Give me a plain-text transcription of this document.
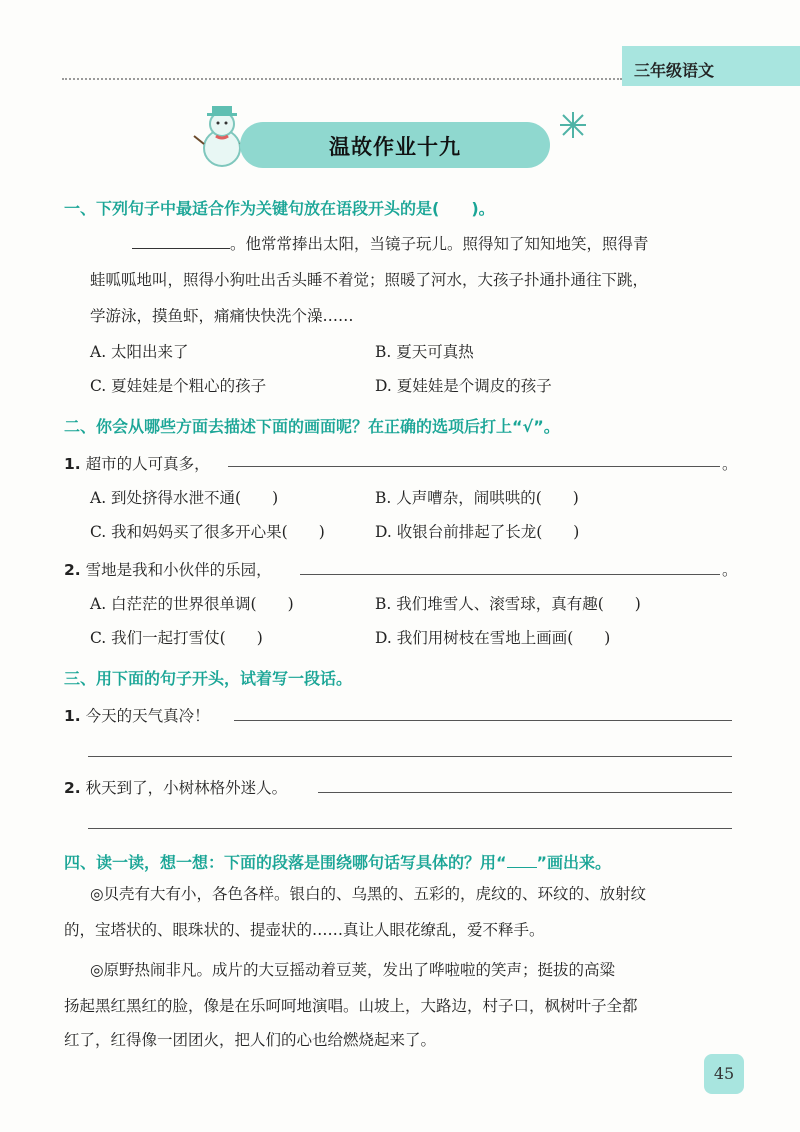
三年级语文
温故作业十九
一、下列句子中最适合作为关键句放在语段开头的是(　　)。
。他常常捧出太阳，当镜子玩儿。照得知了知知地笑，照得青
蛙呱呱地叫，照得小狗吐出舌头睡不着觉；照暖了河水，大孩子扑通扑通往下跳，
学游泳，摸鱼虾，痛痛快快洗个澡……
A. 太阳出来了	B. 夏天可真热
C. 夏娃娃是个粗心的孩子	D. 夏娃娃是个调皮的孩子
二、你会从哪些方面去描述下面的画面呢？在正确的选项后打上“√”。
1. 超市的人可真多，	。
A. 到处挤得水泄不通(　　)	B. 人声嘈杂，闹哄哄的(　　)
C. 我和妈妈买了很多开心果(　　)	D. 收银台前排起了长龙(　　)
2. 雪地是我和小伙伴的乐园，	。
A. 白茫茫的世界很单调(　　)	B. 我们堆雪人、滚雪球，真有趣(　　)
C. 我们一起打雪仗(　　)	D. 我们用树枝在雪地上画画(　　)
三、用下面的句子开头，试着写一段话。
1. 今天的天气真冷！
2. 秋天到了，小树林格外迷人。
四、读一读，想一想：下面的段落是围绕哪句话写具体的？用“ ”画出来。
◎贝壳有大有小，各色各样。银白的、乌黑的、五彩的，虎纹的、环纹的、放射纹
的，宝塔状的、眼珠状的、提壶状的……真让人眼花缭乱，爱不释手。
◎原野热闹非凡。成片的大豆摇动着豆荚，发出了哗啦啦的笑声；挺拔的高粱
扬起黑红黑红的脸，像是在乐呵呵地演唱。山坡上，大路边，村子口，枫树叶子全都
红了，红得像一团团火，把人们的心也给燃烧起来了。
45
